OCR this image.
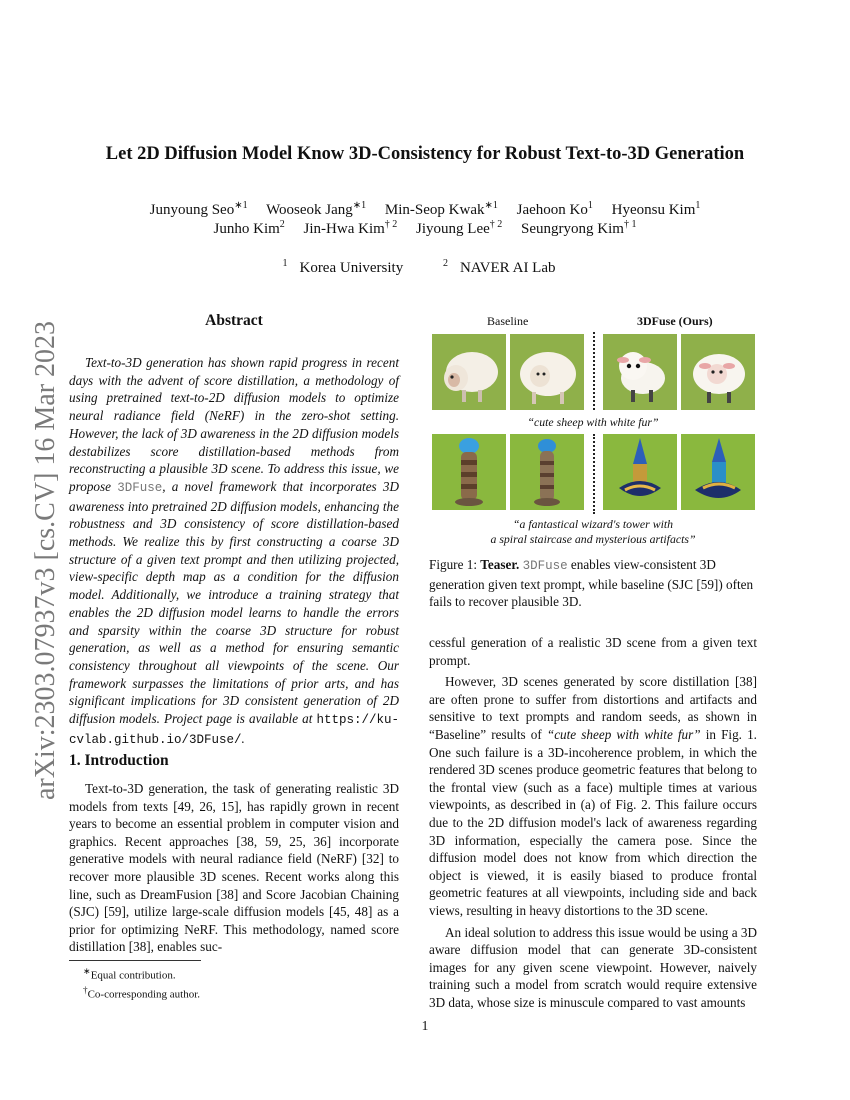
arXiv:2303.07937v3 [cs.CV] 16 Mar 2023
Let 2D Diffusion Model Know 3D-Consistency for Robust Text-to-3D Generation
Junyoung Seo$^{∗1}$ Wooseok Jang$^{∗1}$ Min-Seop Kwak$^{∗1}$ Jaehoon Ko$^1$ Hyeonsu Kim$^1$
Junho Kim$^2$ Jin-Hwa Kim$^{\dagger 2}$ Jiyoung Lee$^{\dagger 2}$ Seungryong Kim$^{\dagger 1}$
$^1$ Korea University	$^2$ NAVER AI Lab
Abstract

Text-to-3D generation has shown rapid progress in recent days with the advent of score distillation, a methodology of using pretrained text-to-2D diffusion models to optimize neural radiance field (NeRF) in the zero-shot setting. However, the lack of 3D awareness in the 2D diffusion models destabilizes score distillation-based methods from reconstructing a plausible 3D scene. To address this issue, we propose 3DFuse, a novel framework that incorporates 3D awareness into pretrained 2D diffusion models, enhancing the robustness and 3D consistency of score distillation-based methods. We realize this by first constructing a coarse 3D structure of a given text prompt and then utilizing projected, view-specific depth map as a condition for the diffusion model. Additionally, we introduce a training strategy that enables the 2D diffusion model learns to handle the errors and sparsity within the coarse 3D structure for robust generation, as well as a method for ensuring semantic consistency throughout all viewpoints of the scene. Our framework surpasses the limitations of prior arts, and has significant implications for 3D consistent generation of 2D diffusion models. Project page is available at https://ku-cvlab.github.io/3DFuse/.

1. Introduction

Text-to-3D generation, the task of generating realistic 3D models from texts [49, 26, 15], has rapidly grown in recent years to become an essential problem in computer vision and graphics. Recent approaches [38, 59, 25, 36] incorporate generative models with neural radiance field (NeRF) [32] to recover more plausible 3D scenes. Recent works along this line, such as DreamFusion [38] and Score Jacobian Chaining (SJC) [59], utilize large-scale diffusion models [45, 48] as a prior for optimizing NeRF. This methodology, named score distillation [38], enables suc-

∗Equal contribution.

†Co-corresponding author.

Baseline	3DFuse (Ours)
“cute sheep with white fur”
“a fantastical wizard's tower with
a spiral staircase and mysterious artifacts”

Figure 1: Teaser. 3DFuse enables view-consistent 3D generation given text prompt, while baseline (SJC [59]) often fails to recover plausible 3D.

cessful generation of a realistic 3D scene from a given text prompt.

However, 3D scenes generated by score distillation [38] are often prone to suffer from distortions and artifacts and sensitive to text prompts and random seeds, as shown in “Baseline” results of “cute sheep with white fur” in Fig. 1. One such failure is a 3D-incoherence problem, in which the rendered 3D scenes produce geometric features that belong to the frontal view (such as a face) multiple times at various viewpoints, as described in (a) of Fig. 2. This failure occurs due to the 2D diffusion model's lack of awareness regarding 3D information, especially the camera pose. Since the diffusion model does not know from which direction the object is viewed, it is easily biased to produce frontal geometric features at all viewpoints, including side and back views, resulting in heavy distortions to the 3D scene.

An ideal solution to address this issue would be using a 3D aware diffusion model that can generate 3D-consistent images for any given scene viewpoint. However, naively training such a model from scratch would require extensive 3D data, whose size is minuscule compared to vast amounts

1
